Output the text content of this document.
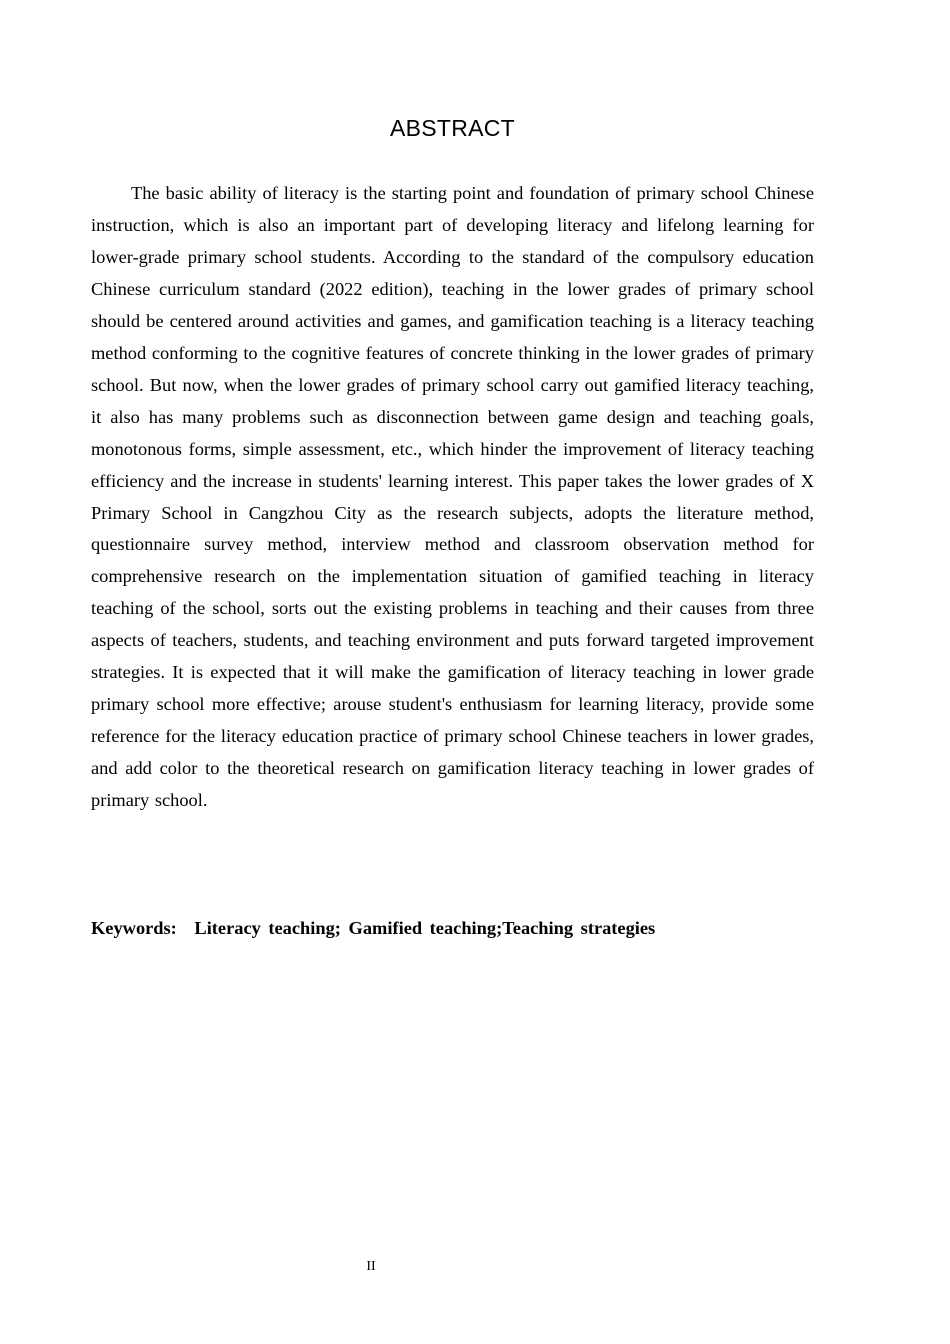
ABSTRACT

The basic ability of literacy is the starting point and foundation of primary school Chinese instruction, which is also an important part of developing literacy and lifelong learning for lower-grade primary school students. According to the standard of the compulsory education Chinese curriculum standard (2022 edition), teaching in the lower grades of primary school should be centered around activities and games, and gamification teaching is a literacy teaching method conforming to the cognitive features of concrete thinking in the lower grades of primary school. But now, when the lower grades of primary school carry out gamified literacy teaching, it also has many problems such as disconnection between game design and teaching goals, monotonous forms, simple assessment, etc., which hinder the improvement of literacy teaching efficiency and the increase in students' learning interest. This paper takes the lower grades of X Primary School in Cangzhou City as the research subjects, adopts the literature method, questionnaire survey method, interview method and classroom observation method for comprehensive research on the implementation situation of gamified teaching in literacy teaching of the school, sorts out the existing problems in teaching and their causes from three aspects of teachers, students, and teaching environment and puts forward targeted improvement strategies. It is expected that it will make the gamification of literacy teaching in lower grade primary school more effective; arouse student's enthusiasm for learning literacy, provide some reference for the literacy education practice of primary school Chinese teachers in lower grades, and add color to the theoretical research on gamification literacy teaching in lower grades of primary school.

Keywords: Literacy teaching; Gamified teaching;Teaching strategies
II
